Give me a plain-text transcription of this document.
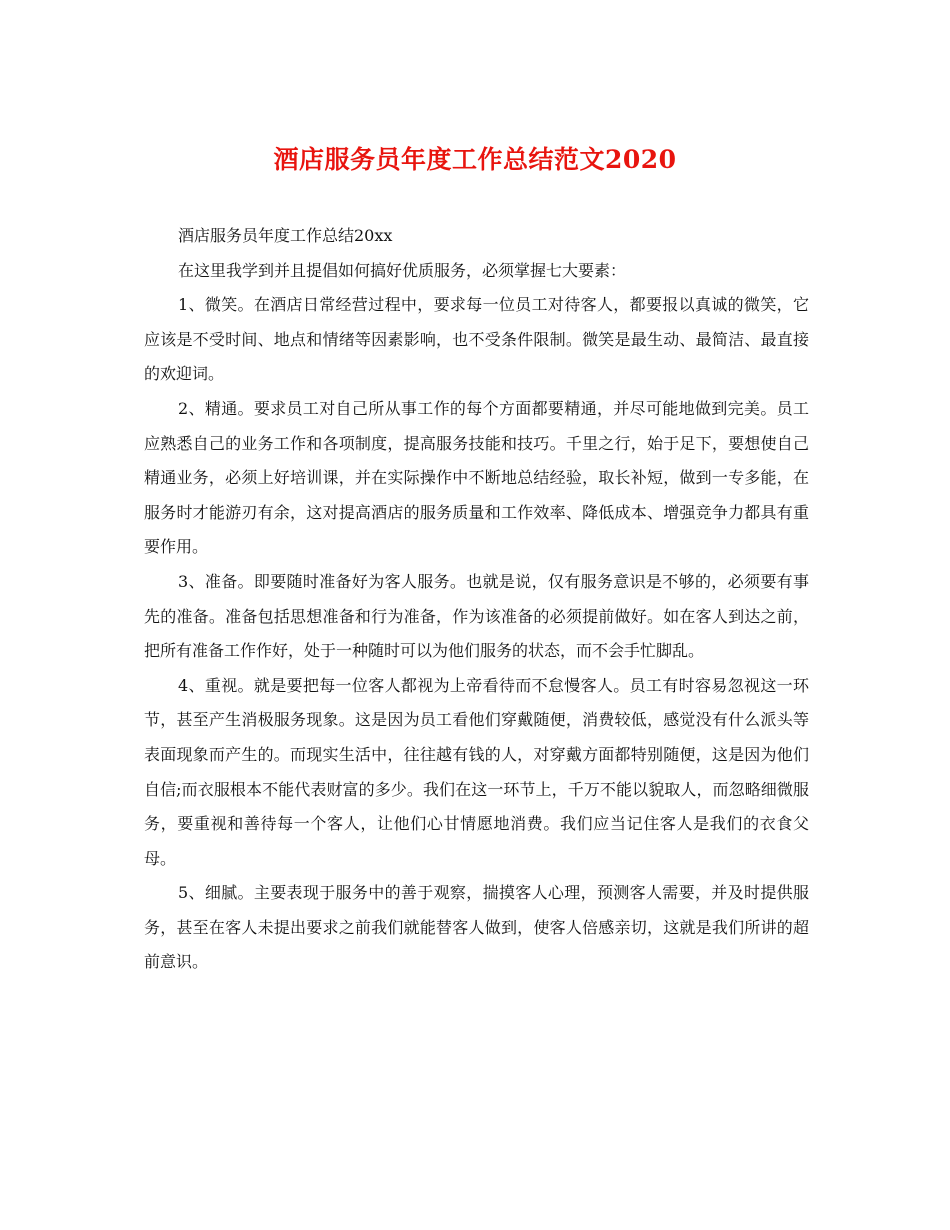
酒店服务员年度工作总结范文2020

酒店服务员年度工作总结20xx

在这里我学到并且提倡如何搞好优质服务，必须掌握七大要素：

1、微笑。在酒店日常经营过程中，要求每一位员工对待客人，都要报以真诚的微笑，它应该是不受时间、地点和情绪等因素影响，也不受条件限制。微笑是最生动、最简洁、最直接的欢迎词。

2、精通。要求员工对自己所从事工作的每个方面都要精通，并尽可能地做到完美。员工应熟悉自己的业务工作和各项制度，提高服务技能和技巧。千里之行，始于足下，要想使自己精通业务，必须上好培训课，并在实际操作中不断地总结经验，取长补短，做到一专多能，在服务时才能游刃有余，这对提高酒店的服务质量和工作效率、降低成本、增强竞争力都具有重要作用。

3、准备。即要随时准备好为客人服务。也就是说，仅有服务意识是不够的，必须要有事先的准备。准备包括思想准备和行为准备，作为该准备的必须提前做好。如在客人到达之前，把所有准备工作作好，处于一种随时可以为他们服务的状态，而不会手忙脚乱。

4、重视。就是要把每一位客人都视为上帝看待而不怠慢客人。员工有时容易忽视这一环节，甚至产生消极服务现象。这是因为员工看他们穿戴随便，消费较低，感觉没有什么派头等表面现象而产生的。而现实生活中，往往越有钱的人，对穿戴方面都特别随便，这是因为他们自信;而衣服根本不能代表财富的多少。我们在这一环节上，千万不能以貌取人，而忽略细微服务，要重视和善待每一个客人，让他们心甘情愿地消费。我们应当记住客人是我们的衣食父母。

5、细腻。主要表现于服务中的善于观察，揣摸客人心理，预测客人需要，并及时提供服务，甚至在客人未提出要求之前我们就能替客人做到，使客人倍感亲切，这就是我们所讲的超前意识。
